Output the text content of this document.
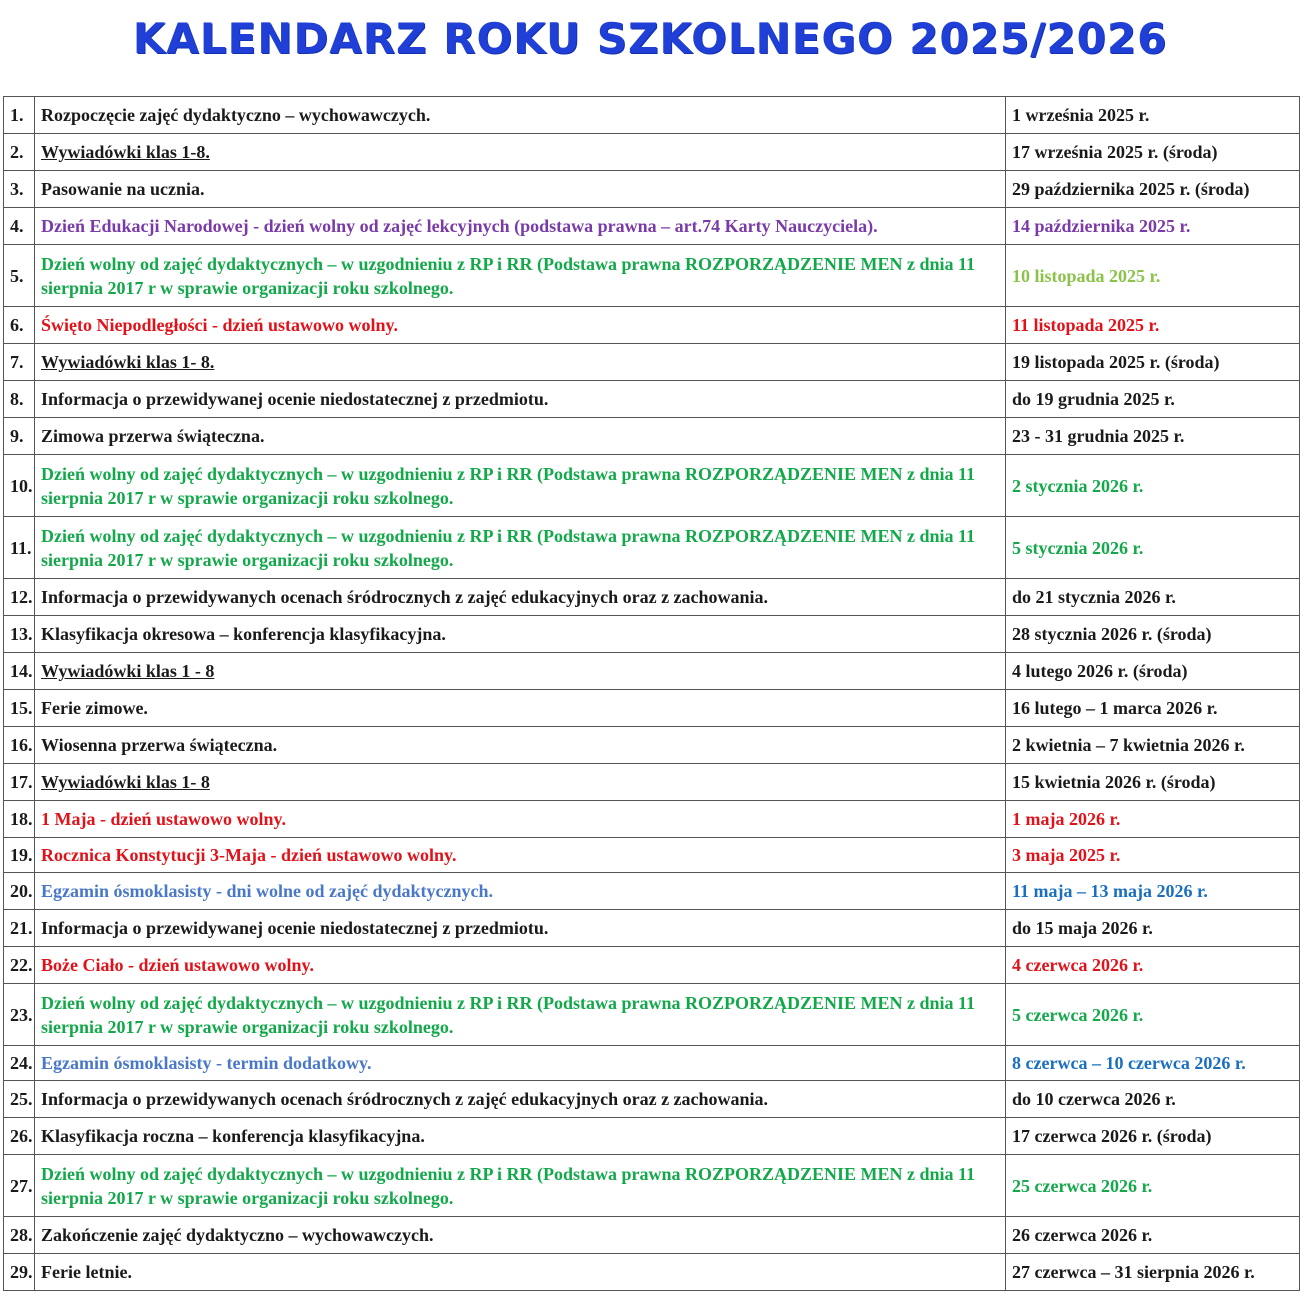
KALENDARZ ROKU SZKOLNEGO 2025/2026
1.	Rozpoczęcie zajęć dydaktyczno – wychowawczych.	1 września 2025 r.
2.	Wywiadówki klas 1-8.	17 września 2025 r. (środa)
3.	Pasowanie na ucznia.	29 października 2025 r. (środa)
4.	Dzień Edukacji Narodowej - dzień wolny od zajęć lekcyjnych (podstawa prawna – art.74 Karty Nauczyciela).	14 października 2025 r.
5.	Dzień wolny od zajęć dydaktycznych – w uzgodnieniu z RP i RR (Podstawa prawna ROZPORZĄDZENIE MEN z dnia 11 sierpnia 2017 r w sprawie organizacji roku szkolnego.	10 listopada 2025 r.
6.	Święto Niepodległości - dzień ustawowo wolny.	11 listopada 2025 r.
7.	Wywiadówki klas 1- 8.	19 listopada 2025 r. (środa)
8.	Informacja o przewidywanej ocenie niedostatecznej z przedmiotu.	do 19 grudnia 2025 r.
9.	Zimowa przerwa świąteczna.	23 - 31 grudnia 2025 r.
10.	Dzień wolny od zajęć dydaktycznych – w uzgodnieniu z RP i RR (Podstawa prawna ROZPORZĄDZENIE MEN z dnia 11 sierpnia 2017 r w sprawie organizacji roku szkolnego.	2 stycznia 2026 r.
11.	Dzień wolny od zajęć dydaktycznych – w uzgodnieniu z RP i RR (Podstawa prawna ROZPORZĄDZENIE MEN z dnia 11 sierpnia 2017 r w sprawie organizacji roku szkolnego.	5 stycznia 2026 r.
12.	Informacja o przewidywanych ocenach śródrocznych z zajęć edukacyjnych oraz z zachowania.	do 21 stycznia 2026 r.
13.	Klasyfikacja okresowa – konferencja klasyfikacyjna.	28 stycznia 2026 r. (środa)
14.	Wywiadówki klas 1 - 8	4 lutego 2026 r. (środa)
15.	Ferie zimowe.	16 lutego – 1 marca 2026 r.
16.	Wiosenna przerwa świąteczna.	2 kwietnia – 7 kwietnia 2026 r.
17.	Wywiadówki klas 1- 8	15 kwietnia 2026 r. (środa)
18.	1 Maja - dzień ustawowo wolny.	1 maja 2026 r.
19.	Rocznica Konstytucji 3-Maja - dzień ustawowo wolny.	3 maja 2025 r.
20.	Egzamin ósmoklasisty - dni wolne od zajęć dydaktycznych.	11 maja – 13 maja 2026 r.
21.	Informacja o przewidywanej ocenie niedostatecznej z przedmiotu.	do 15 maja 2026 r.
22.	Boże Ciało - dzień ustawowo wolny.	4 czerwca 2026 r.
23.	Dzień wolny od zajęć dydaktycznych – w uzgodnieniu z RP i RR (Podstawa prawna ROZPORZĄDZENIE MEN z dnia 11 sierpnia 2017 r w sprawie organizacji roku szkolnego.	5 czerwca 2026 r.
24.	Egzamin ósmoklasisty - termin dodatkowy.	8 czerwca – 10 czerwca 2026 r.
25.	Informacja o przewidywanych ocenach śródrocznych z zajęć edukacyjnych oraz z zachowania.	do 10 czerwca 2026 r.
26.	Klasyfikacja roczna – konferencja klasyfikacyjna.	17 czerwca 2026 r. (środa)
27.	Dzień wolny od zajęć dydaktycznych – w uzgodnieniu z RP i RR (Podstawa prawna ROZPORZĄDZENIE MEN z dnia 11 sierpnia 2017 r w sprawie organizacji roku szkolnego.	25 czerwca 2026 r.
28.	Zakończenie zajęć dydaktyczno – wychowawczych.	26 czerwca 2026 r.
29.	Ferie letnie.	27 czerwca – 31 sierpnia 2026 r.
